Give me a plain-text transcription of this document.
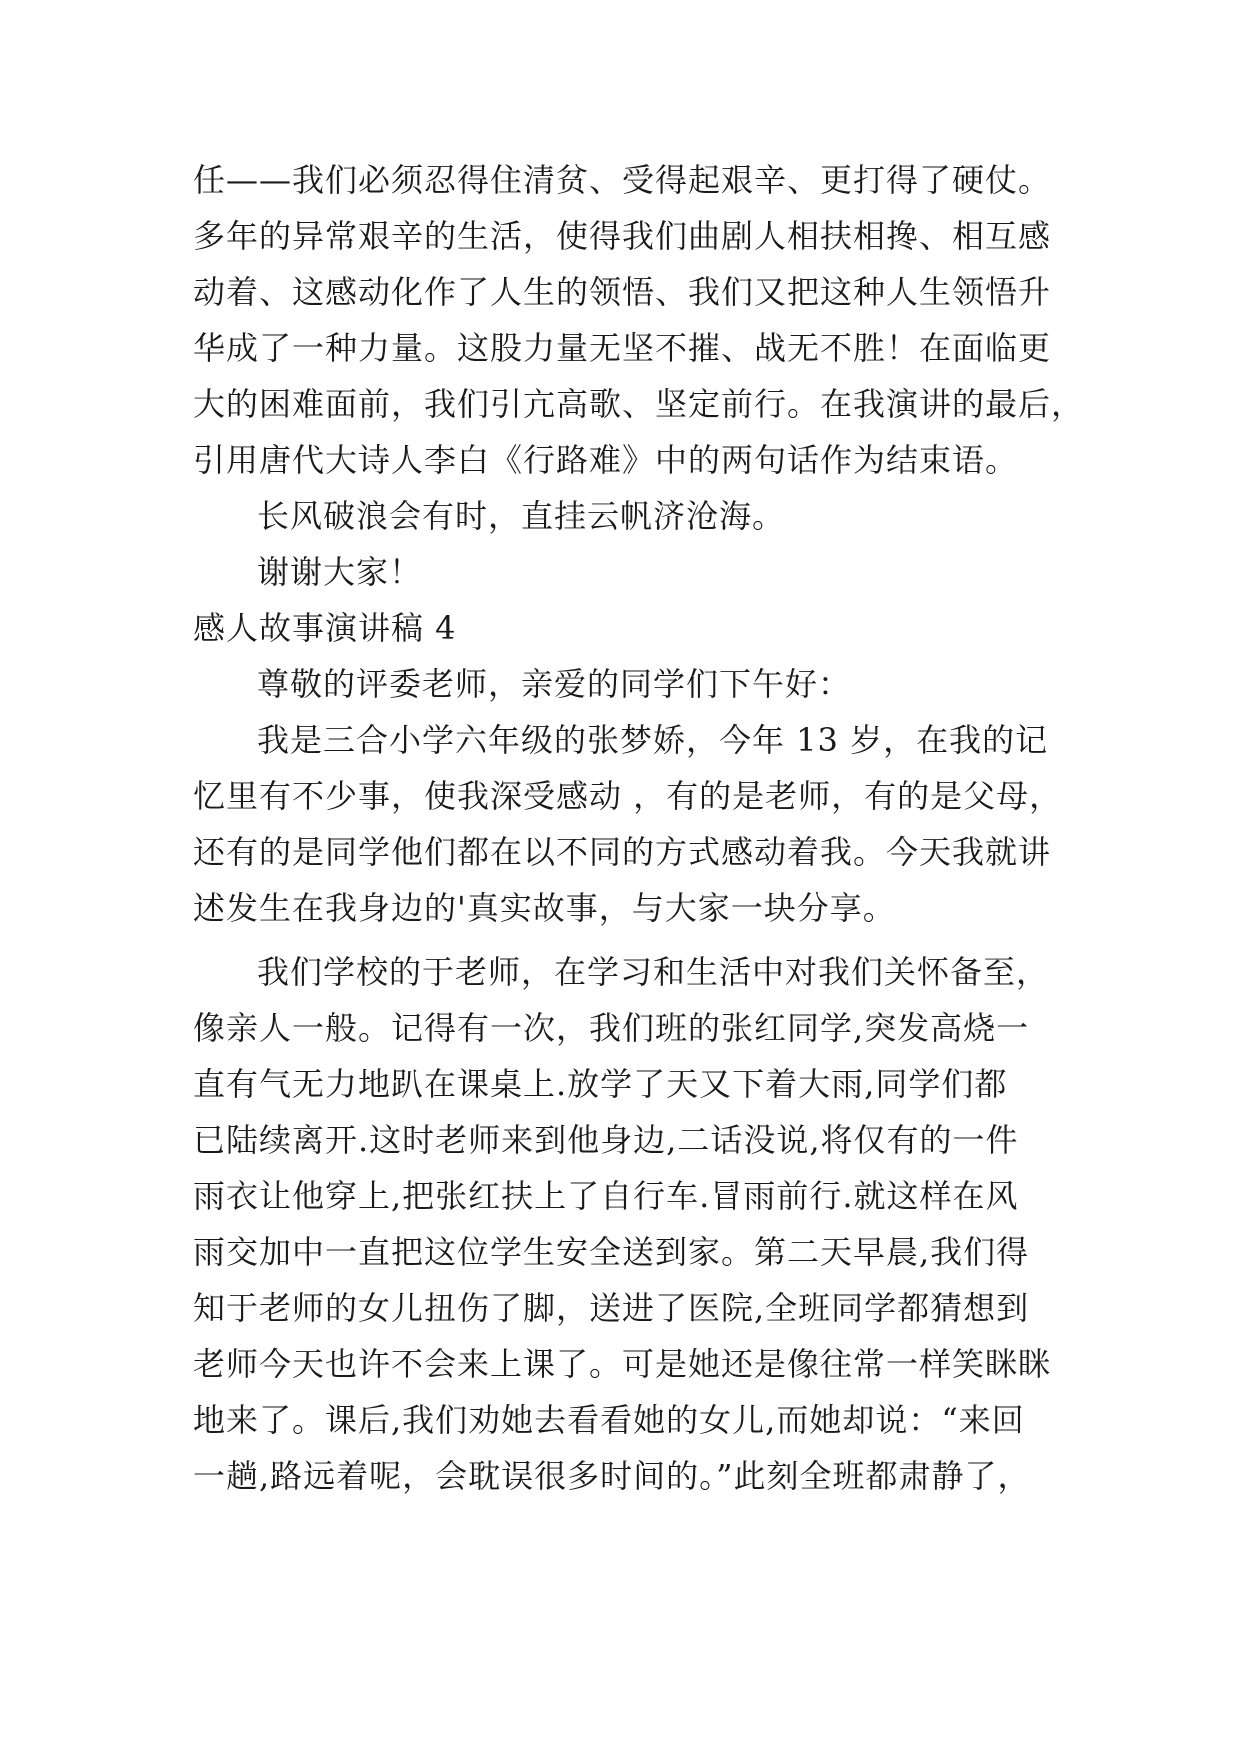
任——我们必须忍得住清贫、受得起艰辛、更打得了硬仗。
多年的异常艰辛的生活，使得我们曲剧人相扶相搀、相互感
动着、这感动化作了人生的领悟、我们又把这种人生领悟升
华成了一种力量。这股力量无坚不摧、战无不胜！在面临更
大的困难面前，我们引亢高歌、坚定前行。在我演讲的最后，
引用唐代大诗人李白《行路难》中的两句话作为结束语。
长风破浪会有时，直挂云帆济沧海。
谢谢大家！
感人故事演讲稿 4
尊敬的评委老师，亲爱的同学们下午好：
我是三合小学六年级的张梦娇，今年 13 岁，在我的记
忆里有不少事，使我深受感动 ，有的是老师，有的是父母，
还有的是同学他们都在以不同的方式感动着我。今天我就讲
述发生在我身边的'真实故事，与大家一块分享。
我们学校的于老师，在学习和生活中对我们关怀备至，
像亲人一般。记得有一次，我们班的张红同学,突发高烧一
直有气无力地趴在课桌上.放学了天又下着大雨,同学们都
已陆续离开.这时老师来到他身边,二话没说,将仅有的一件
雨衣让他穿上,把张红扶上了自行车.冒雨前行.就这样在风
雨交加中一直把这位学生安全送到家。第二天早晨,我们得
知于老师的女儿扭伤了脚，送进了医院,全班同学都猜想到
老师今天也许不会来上课了。可是她还是像往常一样笑眯眯
地来了。课后,我们劝她去看看她的女儿,而她却说：“来回
一趟,路远着呢，会耽误很多时间的。”此刻全班都肃静了，
